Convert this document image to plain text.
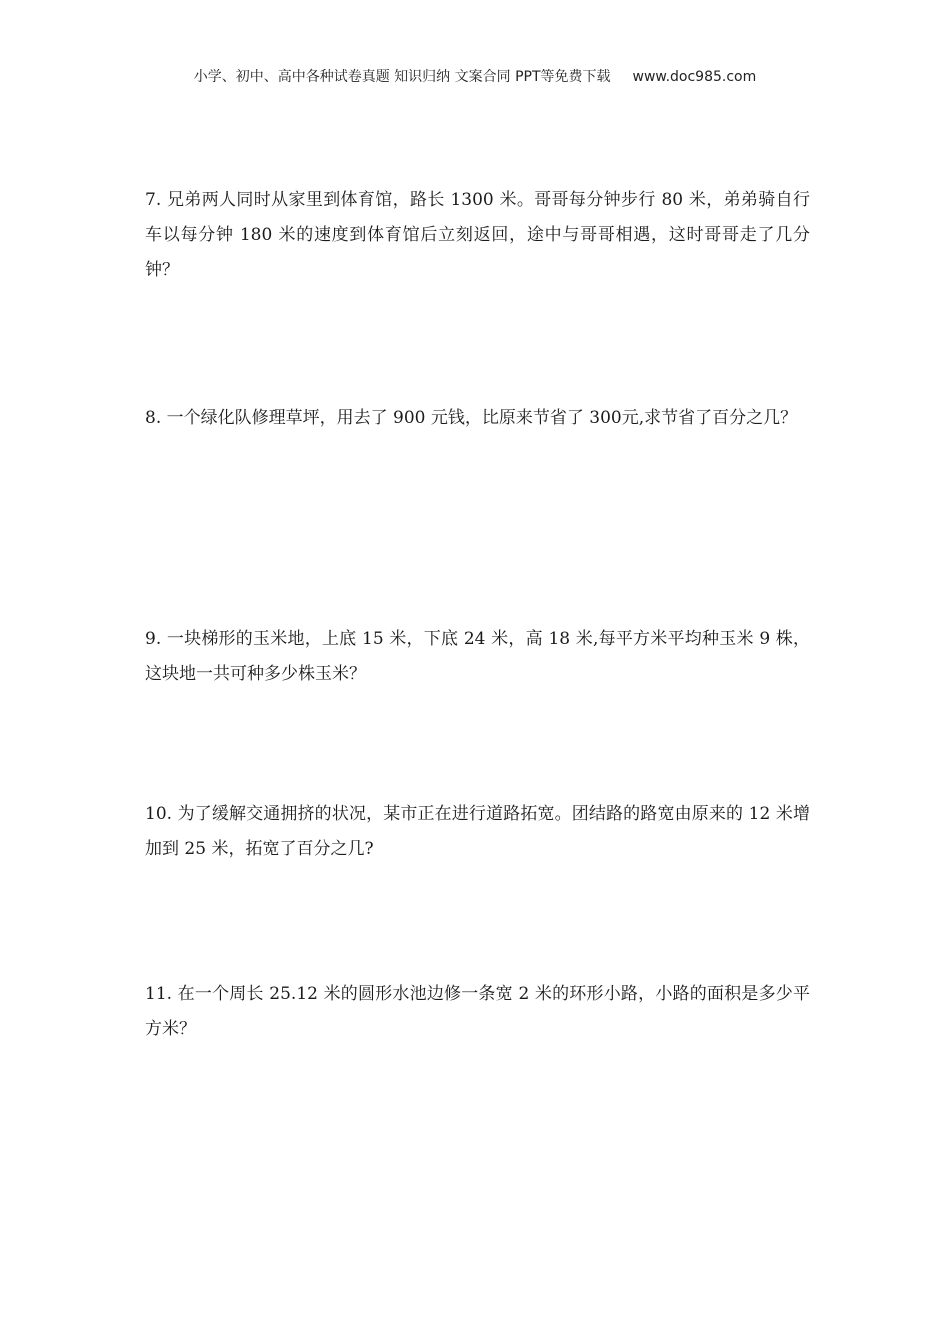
小学、初中、高中各种试卷真题 知识归纳 文案合同 PPT等免费下载 www.doc985.com
7. 兄弟两人同时从家里到体育馆，路长 1300 米。哥哥每分钟步行 80 米，弟弟骑自行车以每分钟 180 米的速度到体育馆后立刻返回，途中与哥哥相遇，这时哥哥走了几分钟？
8. 一个绿化队修理草坪，用去了 900 元钱，比原来节省了 300元,求节省了百分之几？
9. 一块梯形的玉米地，上底 15 米，下底 24 米，高 18 米,每平方米平均种玉米 9 株，这块地一共可种多少株玉米？
10. 为了缓解交通拥挤的状况，某市正在进行道路拓宽。团结路的路宽由原来的 12 米增加到 25 米，拓宽了百分之几?
11. 在一个周长 25.12 米的圆形水池边修一条宽 2 米的环形小路，小路的面积是多少平方米？
